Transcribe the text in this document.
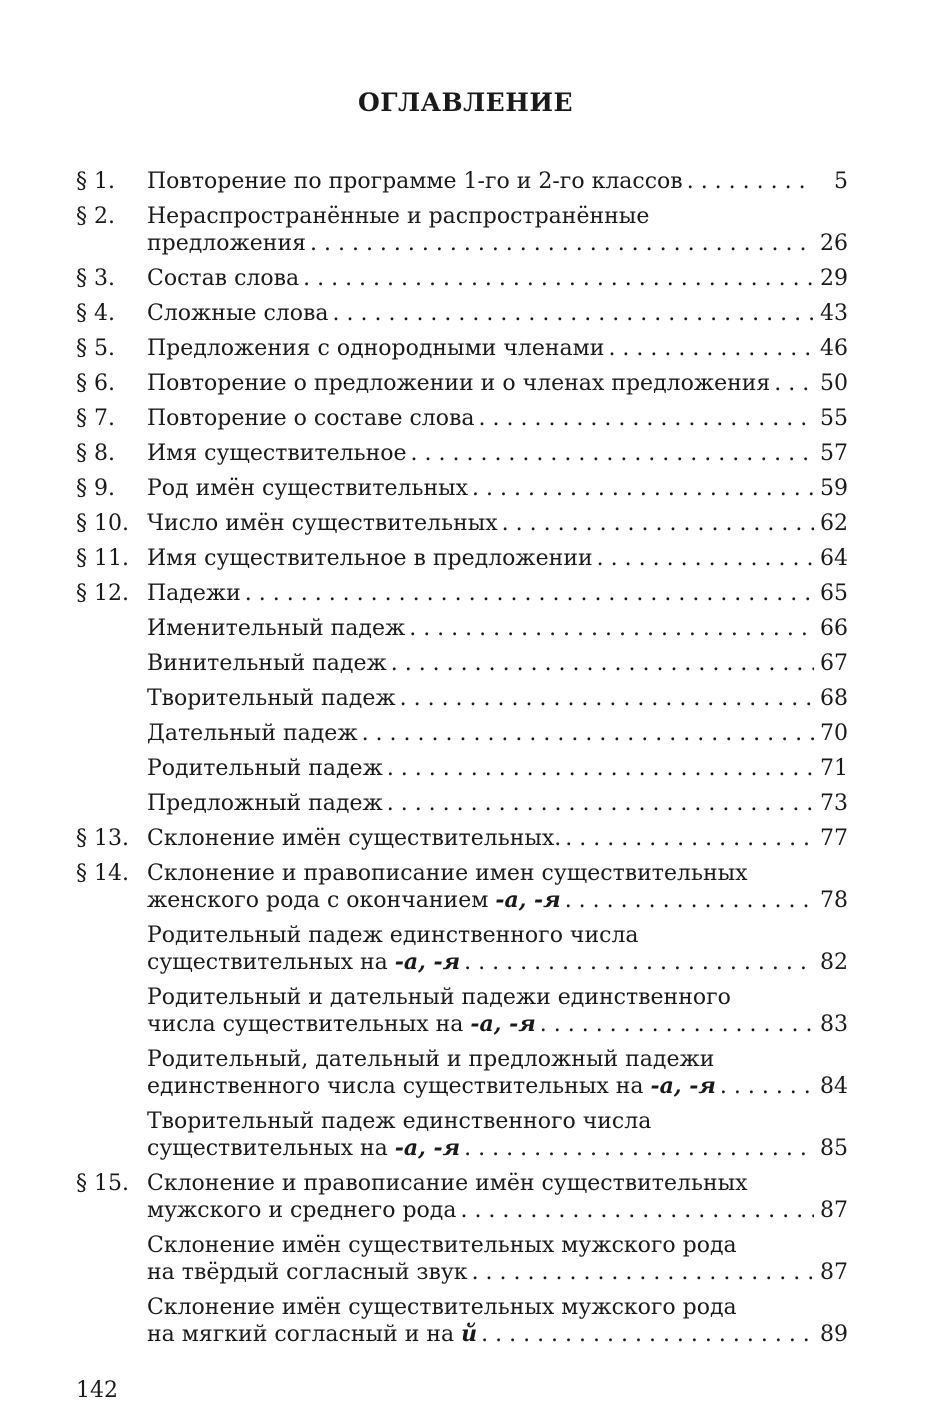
ОГЛАВЛЕНИЕ
§ 1.	Повторение по программе 1-го и 2-го классов . . .	5
§ 2.	Нераспространённые и распространённые
предложения . . .	26
§ 3.	Состав слова . . .	29
§ 4.	Сложные слова . . .	43
§ 5.	Предложения с однородными членами . . .	46
§ 6.	Повторение о предложении и о членах предложения . . . 50
§ 7.	Повторение о составе слова . . .	55
§ 8.	Имя существительное . . .	57
§ 9.	Род имён существительных . . .	59
§ 10. Число имён существительных . . .	62
§ 11. Имя существительное в предложении . . .	64
§ 12. Падежи . . .	65
Именительный падеж . . .	66
Винительный падеж . . .	67
Творительный падеж . . .	68
Дательный падеж . . .	70
Родительный падеж . . .	71
Предложный падеж . . .	73
§ 13. Склонение имён существительных. . . .	77
§ 14. Склонение и правописание имен существительных
женского рода с окончанием -а, -я . . .	78
Родительный падеж единственного числа
существительных на -а, -я . . .	82
Родительный и дательный падежи единственного
числа существительных на -а, -я . . .	83
Родительный, дательный и предложный падежи
единственного числа существительных на -а, -я . . .	84
Творительный падеж единственного числа
существительных на -а, -я . . .	85
§ 15. Склонение и правописание имён существительных
мужского и среднего рода . . .	87
Склонение имён существительных мужского рода
на твёрдый согласный звук . . .	87
Склонение имён существительных мужского рода
на мягкий согласный и на й . . .	89
142
